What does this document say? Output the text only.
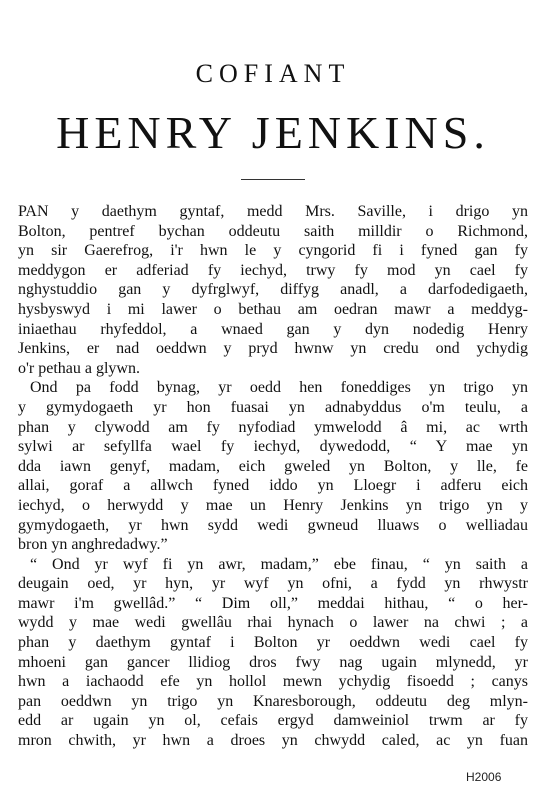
COFIANT
HENRY JENKINS.
PAN y daethym gyntaf, medd Mrs. Saville, i drigo yn
Bolton, pentref bychan oddeutu saith milldir o Richmond,
yn sir Gaerefrog, i'r hwn le y cyngorid fi i fyned gan fy
meddygon er adferiad fy iechyd, trwy fy mod yn cael fy
nghystuddio gan y dyfrglwyf, diffyg anadl, a darfodedigaeth,
hysbyswyd i mi lawer o bethau am oedran mawr a meddyg-
iniaethau rhyfeddol, a wnaed gan y dyn nodedig Henry
Jenkins, er nad oeddwn y pryd hwnw yn credu ond ychydig
o'r pethau a glywn.
Ond pa fodd bynag, yr oedd hen foneddiges yn trigo yn
y gymydogaeth yr hon fuasai yn adnabyddus o'm teulu, a
phan y clywodd am fy nyfodiad ymwelodd â mi, ac wrth
sylwi ar sefyllfa wael fy iechyd, dywedodd, “ Y mae yn
dda iawn genyf, madam, eich gweled yn Bolton, y lle, fe
allai, goraf a allwch fyned iddo yn Lloegr i adferu eich
iechyd, o herwydd y mae un Henry Jenkins yn trigo yn y
gymydogaeth, yr hwn sydd wedi gwneud lluaws o welliadau
bron yn anghredadwy.”
“ Ond yr wyf fi yn awr, madam,” ebe finau, “ yn saith a
deugain oed, yr hyn, yr wyf yn ofni, a fydd yn rhwystr
mawr i'm gwellâd.” “ Dim oll,” meddai hithau, “ o her-
wydd y mae wedi gwellâu rhai hynach o lawer na chwi ; a
phan y daethym gyntaf i Bolton yr oeddwn wedi cael fy
mhoeni gan gancer llidiog dros fwy nag ugain mlynedd, yr
hwn a iachaodd efe yn hollol mewn ychydig fisoedd ; canys
pan oeddwn yn trigo yn Knaresborough, oddeutu deg mlyn-
edd ar ugain yn ol, cefais ergyd damweiniol trwm ar fy
mron chwith, yr hwn a droes yn chwydd caled, ac yn fuan
H2006
